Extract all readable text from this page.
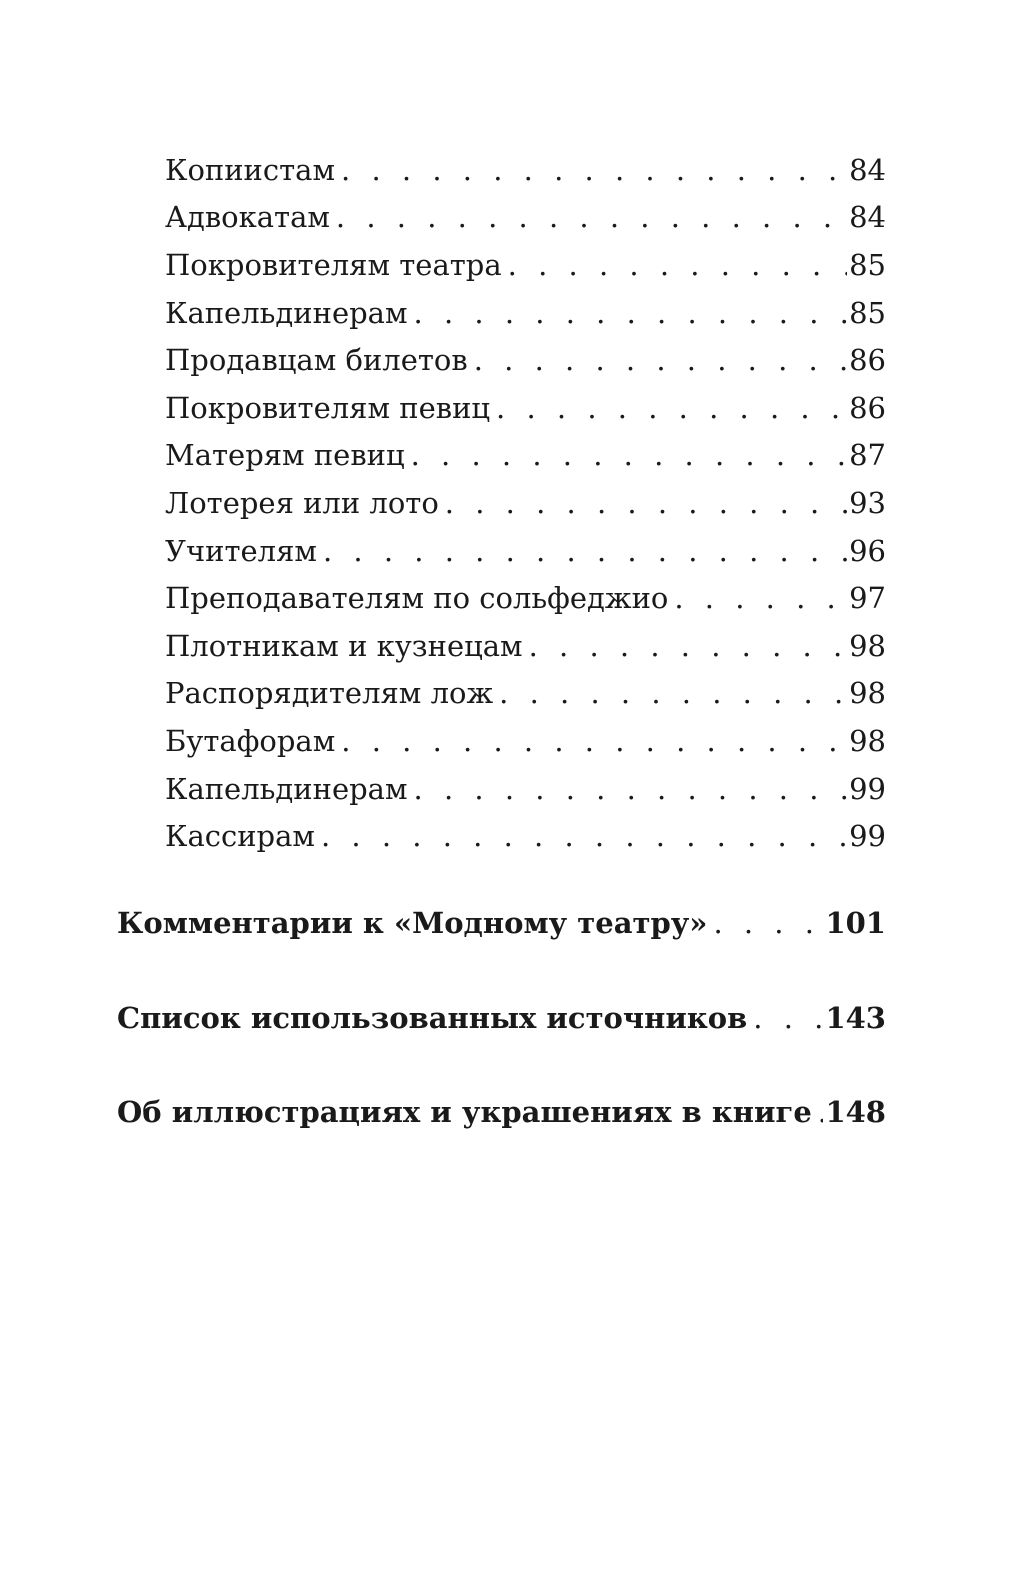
Копиистам . . .	84
Адвокатам . . .	84
Покровителям театра . . .	85
Капельдинерам . . .	85
Продавцам билетов . . .	86
Покровителям певиц . . .	86
Матерям певиц . . .	87
Лотерея или лото . . .	93
Учителям . . .	96
Преподавателям по сольфеджио . . .	97
Плотникам и кузнецам . . .	98
Распорядителям лож . . .	98
Бутафорам . . .	98
Капельдинерам . . .	99
Кассирам . . .	99
Комментарии к «Модному театру» . . .	101
Список использованных источников . . .	143
Об иллюстрациях и украшениях в книге . . . 148
